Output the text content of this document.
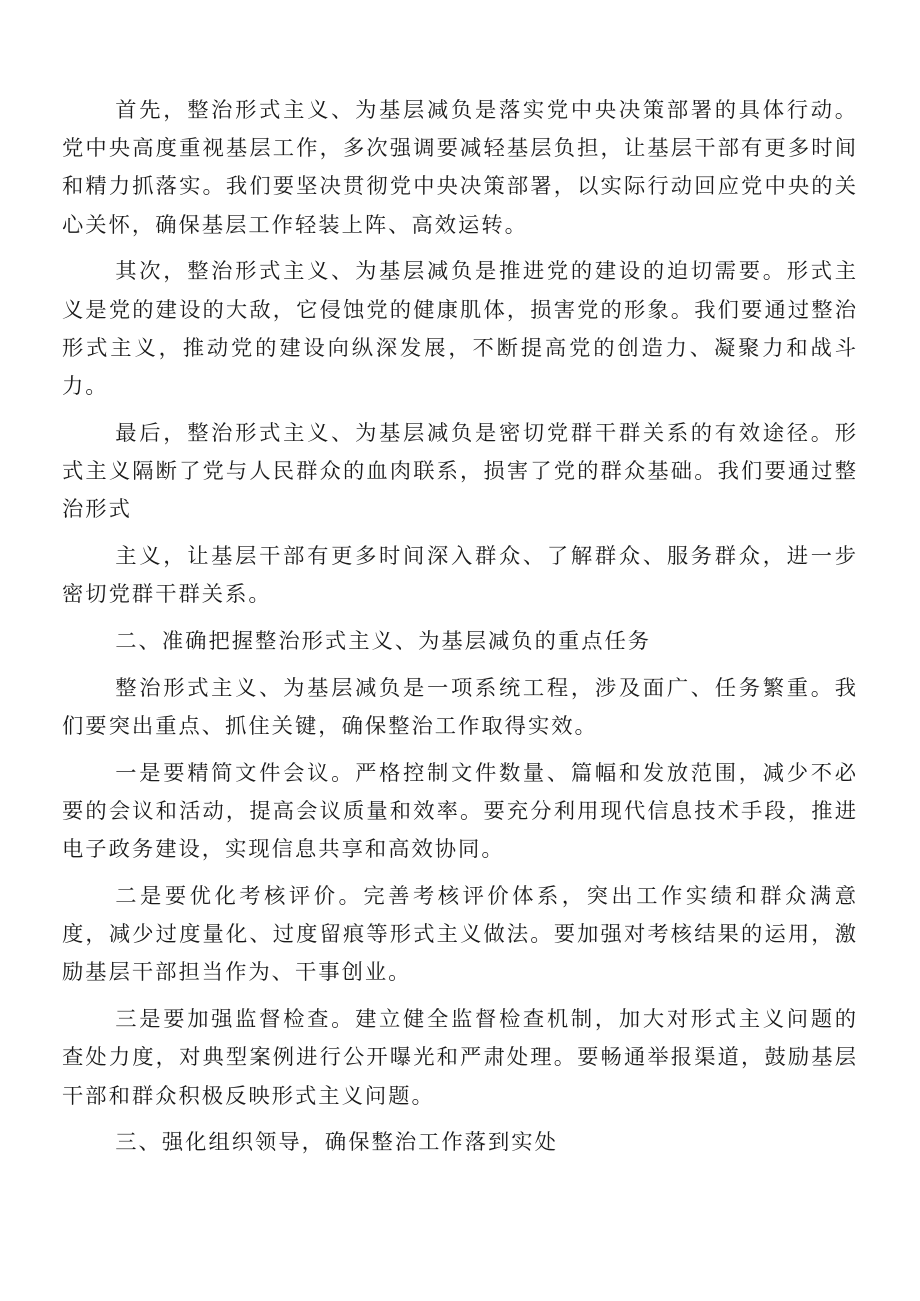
首先，整治形式主义、为基层减负是落实党中央决策部署的具体行动。党中央高度重视基层工作，多次强调要减轻基层负担，让基层干部有更多时间和精力抓落实。我们要坚决贯彻党中央决策部署，以实际行动回应党中央的关心关怀，确保基层工作轻装上阵、高效运转。

其次，整治形式主义、为基层减负是推进党的建设的迫切需要。形式主义是党的建设的大敌，它侵蚀党的健康肌体，损害党的形象。我们要通过整治形式主义，推动党的建设向纵深发展，不断提高党的创造力、凝聚力和战斗力。

最后，整治形式主义、为基层减负是密切党群干群关系的有效途径。形式主义隔断了党与人民群众的血肉联系，损害了党的群众基础。我们要通过整治形式

主义，让基层干部有更多时间深入群众、了解群众、服务群众，进一步密切党群干群关系。

二、准确把握整治形式主义、为基层减负的重点任务

整治形式主义、为基层减负是一项系统工程，涉及面广、任务繁重。我们要突出重点、抓住关键，确保整治工作取得实效。

一是要精简文件会议。严格控制文件数量、篇幅和发放范围，减少不必要的会议和活动，提高会议质量和效率。要充分利用现代信息技术手段，推进电子政务建设，实现信息共享和高效协同。

二是要优化考核评价。完善考核评价体系，突出工作实绩和群众满意度，减少过度量化、过度留痕等形式主义做法。要加强对考核结果的运用，激励基层干部担当作为、干事创业。

三是要加强监督检查。建立健全监督检查机制，加大对形式主义问题的查处力度，对典型案例进行公开曝光和严肃处理。要畅通举报渠道，鼓励基层干部和群众积极反映形式主义问题。

三、强化组织领导，确保整治工作落到实处
